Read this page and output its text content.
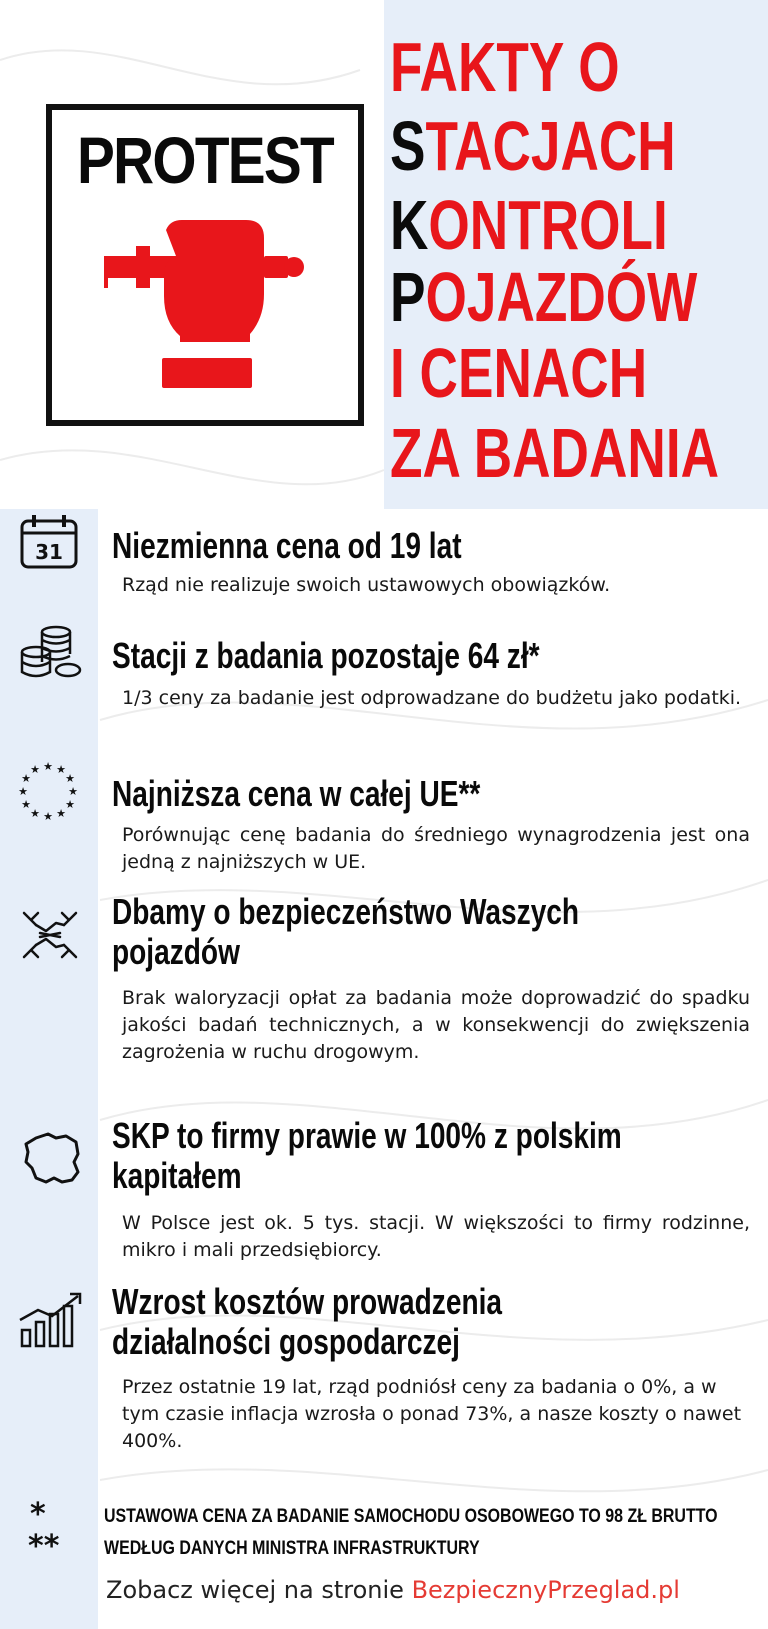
PROTEST

FAKTY O

STACJACH

KONTROLI

POJAZDÓW

I CENACH

ZA BADANIA

31 Niezmienna cena od 19 lat

Rząd nie realizuje swoich ustawowych obowiązków.

Stacji z badania pozostaje 64 zł*

1/3 ceny za badanie jest odprowadzane do budżetu jako podatki.

★ ★
★
★
★
★
★
★
★
★
★
★
Najniższa cena w całej UE**

Porównując cenę badania do średniego wynagrodzenia jest ona jedną z najniższych w UE.

Dbamy o bezpieczeństwo Waszych
pojazdów

Brak waloryzacji opłat za badania może doprowadzić do spadku jakości badań technicznych, a w konsekwencji do zwiększenia zagrożenia w ruchu drogowym.

SKP to firmy prawie w 100% z polskim
kapitałem

W Polsce jest ok. 5 tys. stacji. W większości to firmy rodzinne, mikro i mali przedsiębiorcy.

Wzrost kosztów prowadzenia
działalności gospodarczej

Przez ostatnie 19 lat, rząd podniósł ceny za badania o 0%, a w tym czasie inflacja wzrosła o ponad 73%, a nasze koszty o nawet 400%.

*	USTAWOWA CENA ZA BADANIE SAMOCHODU OSOBOWEGO TO 98 ZŁ BRUTTO
** WEDŁUG DANYCH MINISTRA INFRASTRUKTURY

Zobacz więcej na stronie BezpiecznyPrzeglad.pl
